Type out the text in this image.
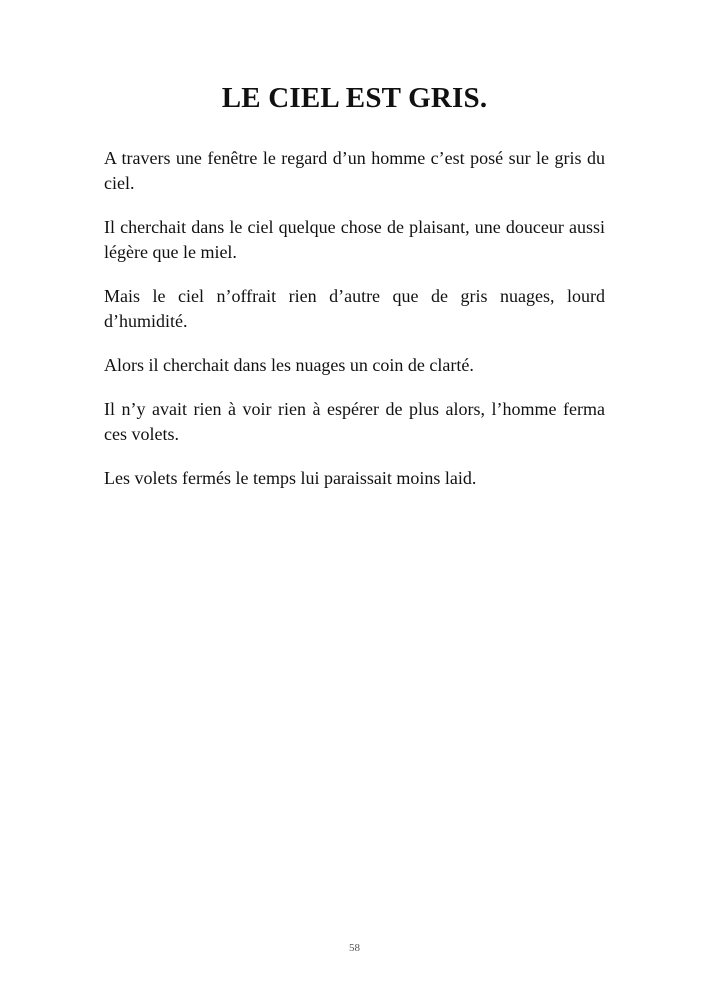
LE CIEL EST GRIS.

A travers une fenêtre le regard d’un homme c’est posé sur le gris du ciel.

Il cherchait dans le ciel quelque chose de plaisant, une douceur aussi légère que le miel.

Mais le ciel n’offrait rien d’autre que de gris nuages, lourd d’humidité.

Alors il cherchait dans les nuages un coin de clarté.

Il n’y avait rien à voir rien à espérer de plus alors, l’homme ferma ces volets.

Les volets fermés le temps lui paraissait moins laid.

58
